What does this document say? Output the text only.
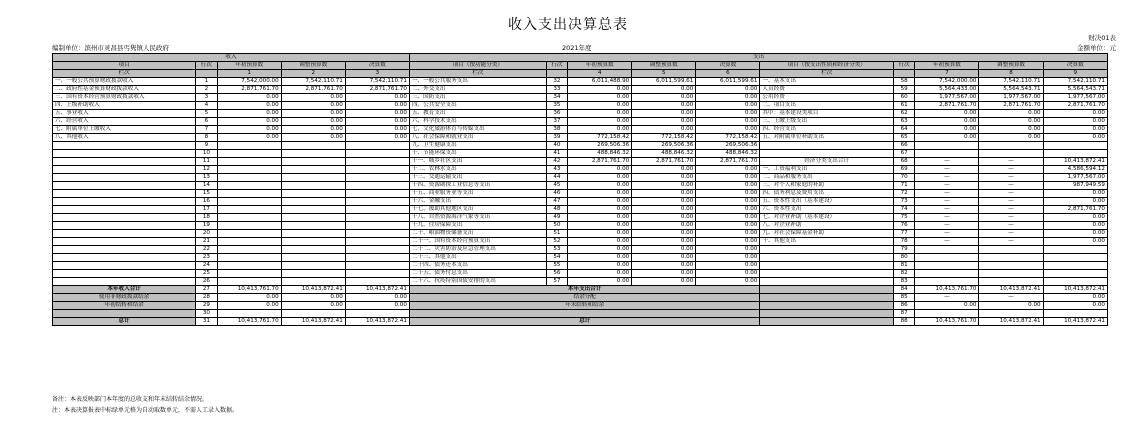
收入支出决算总表
财决01表
编制单位：滨州市灵昌县丐隽镇人民政府	2021年度	金额单位：元
收入					支出									
项目	行次	年初预算数	调整预算数	决算数	项目（按功能分类）	行次	年初预算数	调整预算数	决算数	项目（按支出性质和经济分类）	行次	年初预算数	调整预算数	决算数
栏次		1	2	3	栏次		4	5	6	栏次		7	8	9
一、一般公共预算财政拨款收入	1	7,542,000.00	7,542,110.71	7,542,110.71	一、一般公共服务支出	32	6,011,488.90	6,011,599.61	6,011,599.61	一、基本支出	58	7,542,000.00	7,542,110.71	7,542,110.71
二、政府性基金预算财政拨款收入	2	2,871,761.70	2,871,761.70	2,871,761.70	二、外交支出	33	0.00	0.00	0.00	人员经费	59	5,564,433.00	5,564,543.71	5,564,543.71
三、国有资本经营预算财政拨款收入	3	0.00	0.00	0.00	三、国防支出	34	0.00	0.00	0.00	公用经费	60	1,977,567.00	1,977,567.00	1,977,567.00
四、上级补助收入	4	0.00	0.00	0.00	四、公共安全支出	35	0.00	0.00	0.00	二、项目支出	61	2,871,761.70	2,871,761.70	2,871,761.70
五、事业收入	5	0.00	0.00	0.00	五、教育支出	36	0.00	0.00	0.00	其中：基本建设类项目	62	0.00	0.00	0.00
六、经营收入	6	0.00	0.00	0.00	六、科学技术支出	37	0.00	0.00	0.00	三、上缴上级支出	63	0.00	0.00	0.00
七、附属单位上缴收入	7	0.00	0.00	0.00	七、文化旅游体育与传媒支出	38	0.00	0.00	0.00	四、经营支出	64	0.00	0.00	0.00
八、其他收入	8	0.00	0.00	0.00	八、社会保障和就业支出	39	772,158.42	772,158.42	772,158.42	五、对附属单位补助支出	65	0.00	0.00	0.00
	9				九、卫生健康支出	40	269,506.36	269,506.36	269,506.36		66			
	10				十、节能环保支出	41	488,846.32	488,846.32	488,846.32		67			
	11				十一、城乡社区支出	42	2,871,761.70	2,871,761.70	2,871,761.70	经济分类支出合计	68	—	—	10,413,872.41
	12				十二、农林水支出	43	0.00	0.00	0.00	一、工资福利支出	69	—	—	4,586,594.12
	13				十三、交通运输支出	44	0.00	0.00	0.00	二、商品和服务支出	70	—	—	1,977,567.00
	14				十四、资源勘探工业信息等支出	45	0.00	0.00	0.00	三、对个人和家庭的补助	71	—	—	987,949.59
	15				十五、商业服务业等支出	46	0.00	0.00	0.00	四、债务利息及费用支出	72	—	—	0.00
	16				十六、金融支出	47	0.00	0.00	0.00	五、资本性支出（基本建设）	73	—	—	0.00
	17				十七、援助其他地区支出	48	0.00	0.00	0.00	六、资本性支出	74	—	—	2,871,761.70
	18				十八、自然资源海洋气象等支出	49	0.00	0.00	0.00	七、对企业补助（基本建设）	75	—	—	0.00
	19				十九、住房保障支出	50	0.00	0.00	0.00	八、对企业补助	76	—	—	0.00
	20				二十、粮油物资储备支出	51	0.00	0.00	0.00	九、对社会保障基金补助	77	—	—	0.00
	21				二十一、国有资本经营预算支出	52	0.00	0.00	0.00	十、其他支出	78	—	—	0.00
	22				二十二、灾害防治及应急管理支出	53	0.00	0.00	0.00		79			
	23				二十三、其他支出	54	0.00	0.00	0.00		80			
	24				二十四、债务还本支出	55	0.00	0.00	0.00		81			
	25				二十五、债务付息支出	56	0.00	0.00	0.00		82			
	26				二十六、抗疫特别国债安排的支出	57	0.00	0.00	0.00		83			
本年收入合计	27	10,413,761.70	10,413,872.41	10,413,872.41	本年支出合计						84	10,413,761.70	10,413,872.41	10,413,872.41
使用非财政拨款结余	28	0.00	0.00	0.00	结余分配						85	—	—	0.00
年初结转和结余	29	0.00	0.00	0.00	年末结转和结余						86	0.00	0.00	0.00
	30										87			
总计	31	10,413,761.70	10,413,872.41	10,413,872.41	总计						88	10,413,761.70	10,413,872.41	10,413,872.41
备注：本表反映部门本年度的总收支和年末结转结余情况。
注：本表决算报表中标绿单元格为自动取数单元，不需人工录入数据。
